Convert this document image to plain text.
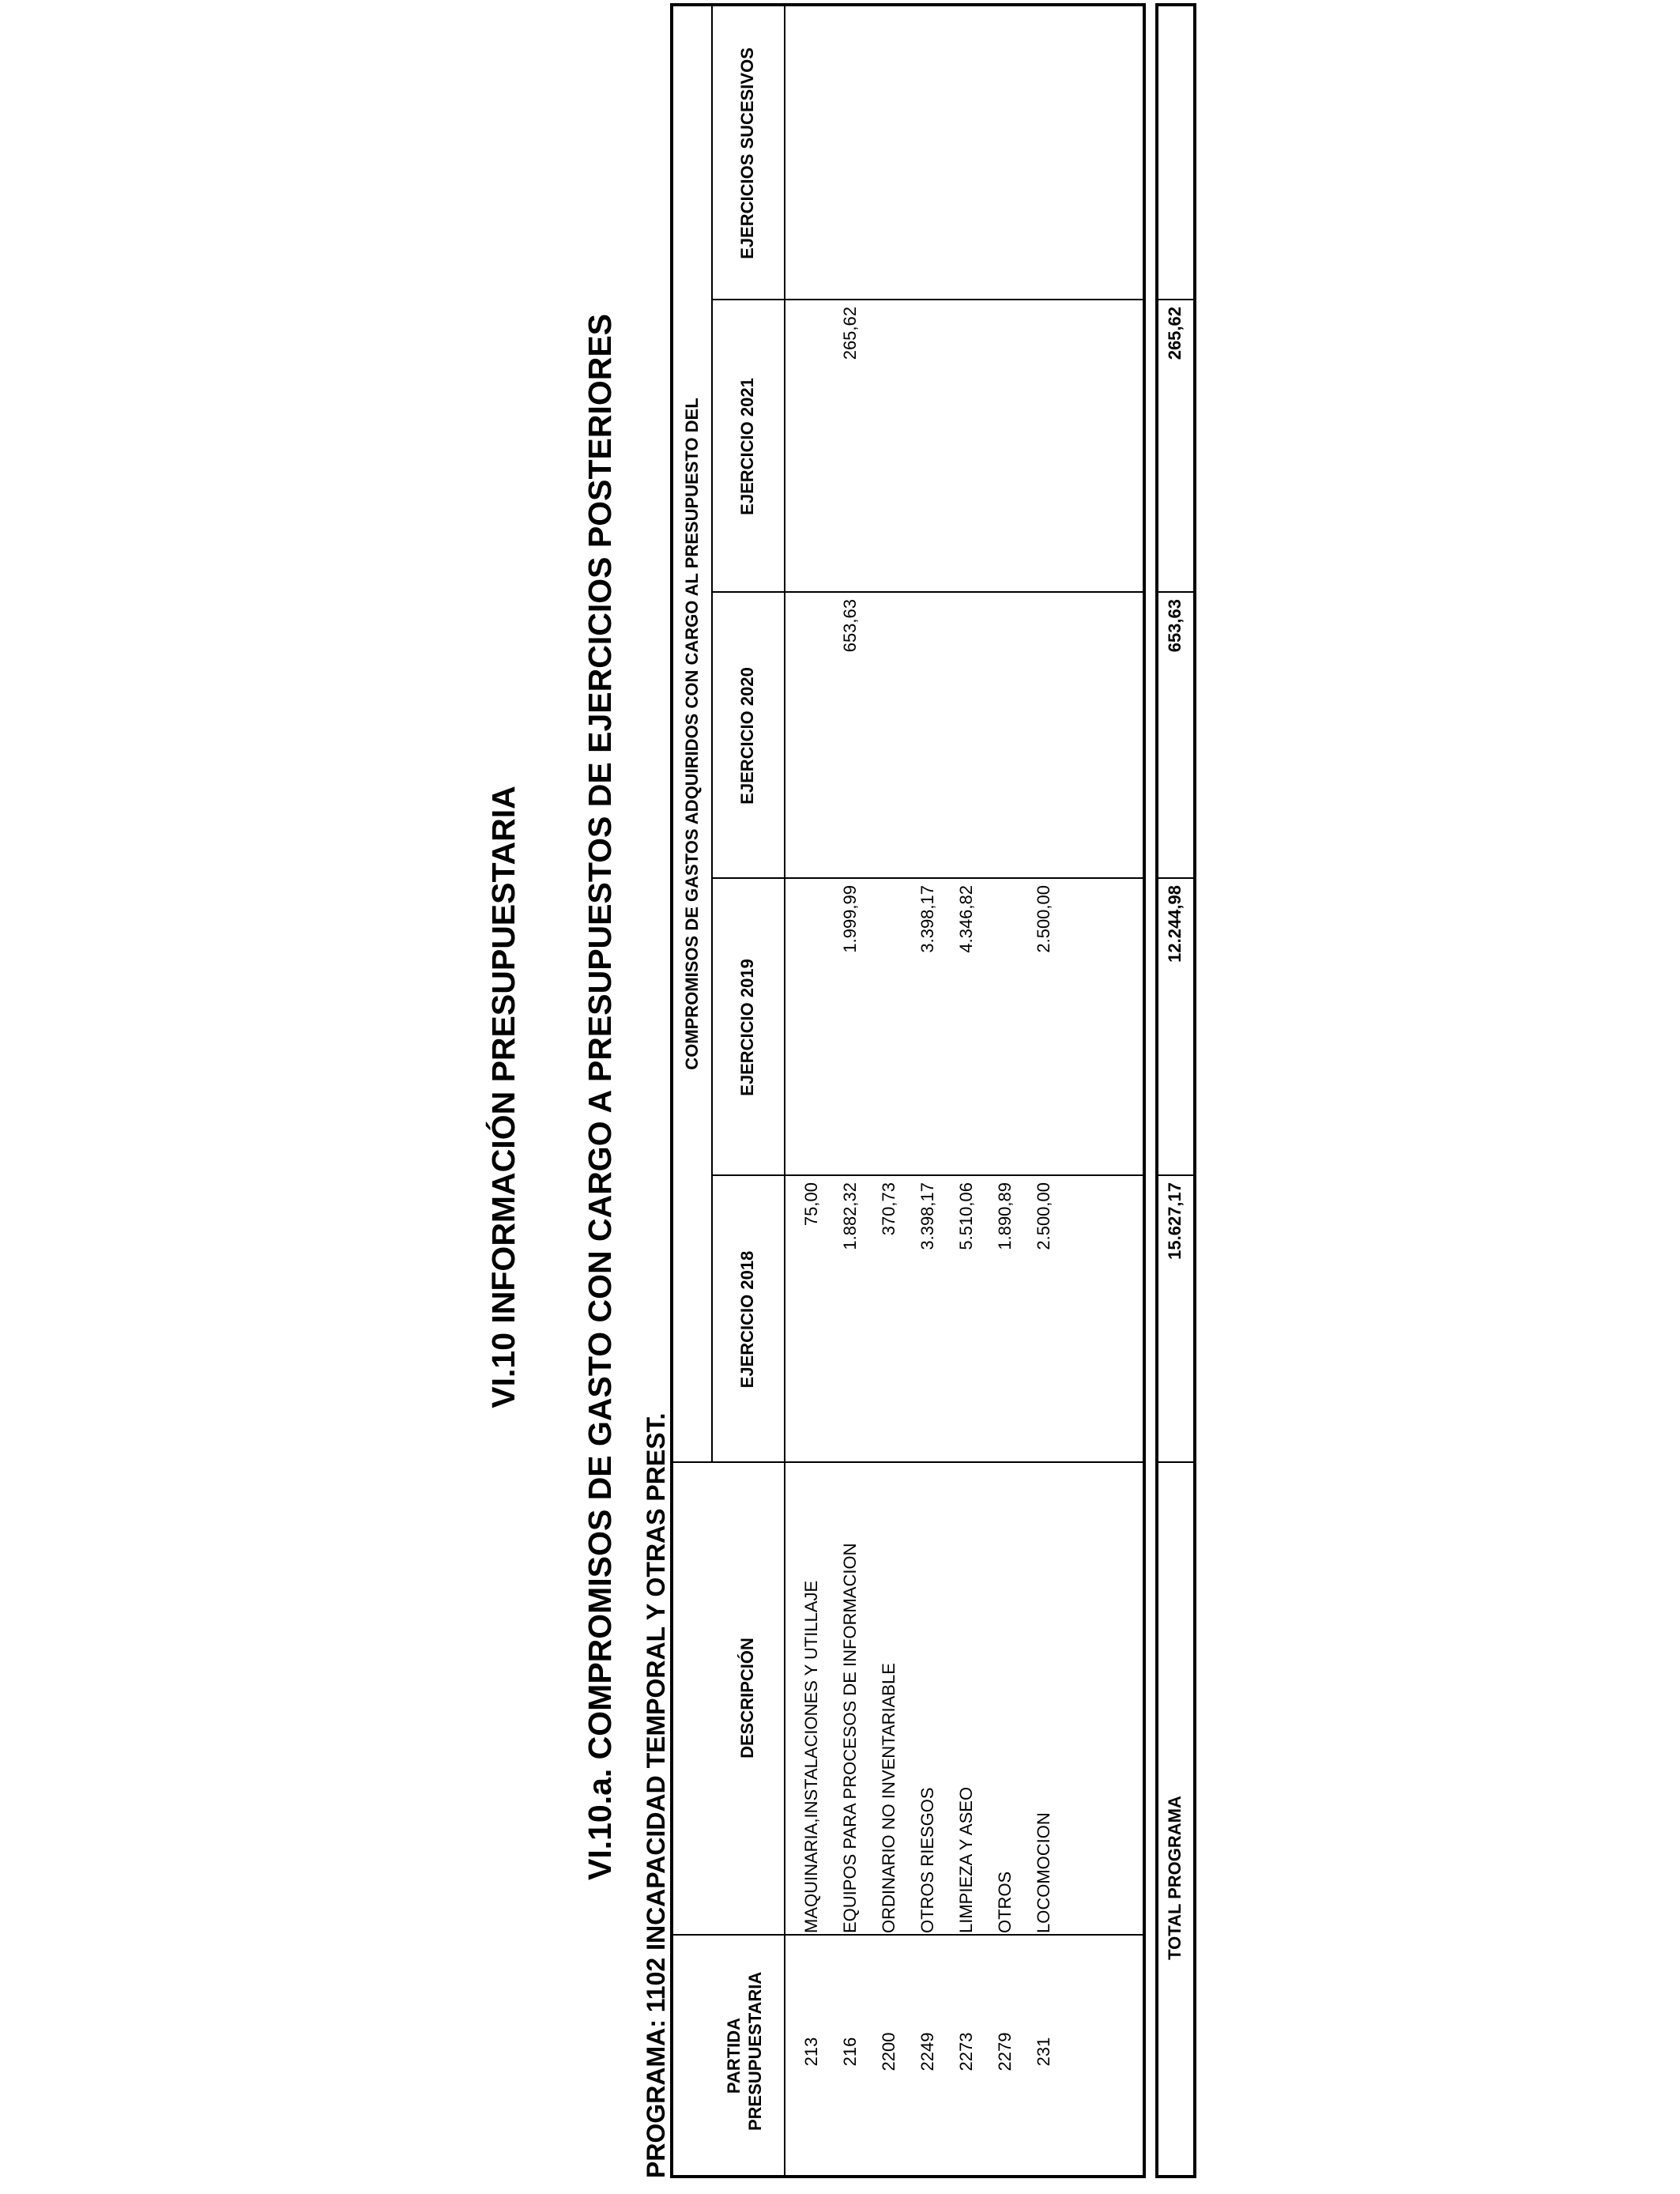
VI.10 INFORMACIÓN PRESUPUESTARIA VI.10.a. COMPROMISOS DE GASTO CON CARGO A PRESUPUESTOS DE EJERCICIOS POSTERIORES PROGRAMA: 1102 INCAPACIDAD TEMPORAL Y OTRAS PREST.	PARTIDA PRESUPUESTARIA
DESCRIPCIÓN
COMPROMISOS DE GASTOS ADQUIRIDOS CON CARGO AL PRESUPUESTO DEL
EJERCICIO 2018
EJERCICIO 2019
EJERCICIO 2020
EJERCICIO 2021
EJERCICIOS SUCESIVOS
213
MAQUINARIA,INSTALACIONES Y UTILLAJE
75,00
216
EQUIPOS PARA PROCESOS DE INFORMACION
1.882,32
1.999,99
653,63
265,62
2200
ORDINARIO NO INVENTARIABLE
370,73
2249
OTROS RIESGOS
3.398,17
3.398,17
2273
LIMPIEZA Y ASEO
5.510,06
4.346,82
2279
OTROS
1.890,89
231
LOCOMOCION
2.500,00
2.500,00
TOTAL PROGRAMA
15.627,17
12.244,98
653,63
265,62
